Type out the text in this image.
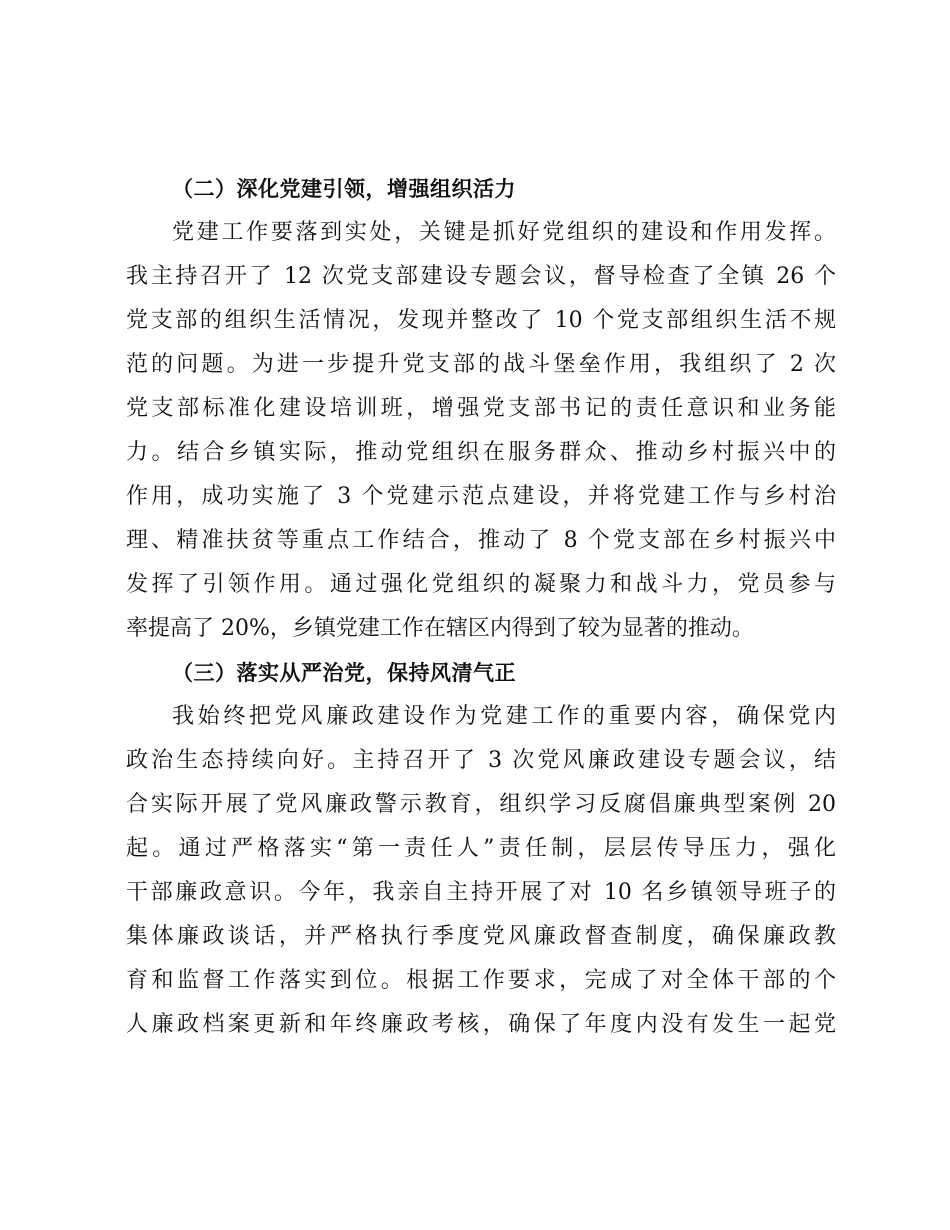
（二）深化党建引领，增强组织活力
党建工作要落到实处，关键是抓好党组织的建设和作用发挥。
我主持召开了 12 次党支部建设专题会议，督导检查了全镇 26 个
党支部的组织生活情况，发现并整改了 10 个党支部组织生活不规
范的问题。为进一步提升党支部的战斗堡垒作用，我组织了 2 次
党支部标准化建设培训班，增强党支部书记的责任意识和业务能
力。结合乡镇实际，推动党组织在服务群众、推动乡村振兴中的
作用，成功实施了 3 个党建示范点建设，并将党建工作与乡村治
理、精准扶贫等重点工作结合，推动了 8 个党支部在乡村振兴中
发挥了引领作用。通过强化党组织的凝聚力和战斗力，党员参与
率提高了 20%，乡镇党建工作在辖区内得到了较为显著的推动。
（三）落实从严治党，保持风清气正
我始终把党风廉政建设作为党建工作的重要内容，确保党内
政治生态持续向好。主持召开了 3 次党风廉政建设专题会议，结
合实际开展了党风廉政警示教育，组织学习反腐倡廉典型案例 20
起。通过严格落实“第一责任人”责任制，层层传导压力，强化
干部廉政意识。今年，我亲自主持开展了对 10 名乡镇领导班子的
集体廉政谈话，并严格执行季度党风廉政督查制度，确保廉政教
育和监督工作落实到位。根据工作要求，完成了对全体干部的个
人廉政档案更新和年终廉政考核，确保了年度内没有发生一起党
